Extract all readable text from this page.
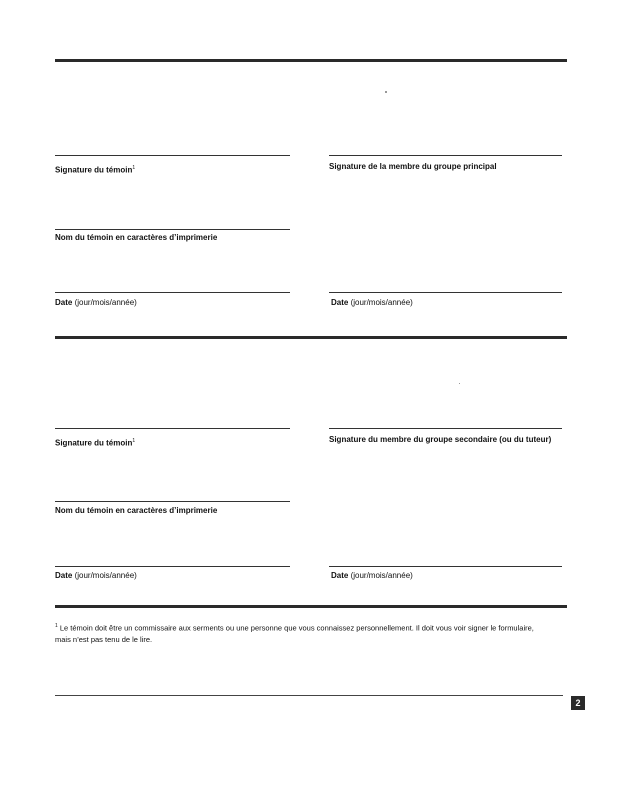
Signature du témoin$^1$	Signature de la membre du groupe principal
Nom du témoin en caractères d’imprimerie
Date (jour/mois/année)	Date (jour/mois/année)
Signature du témoin$^1$	Signature du membre du groupe secondaire (ou du tuteur)
Nom du témoin en caractères d’imprimerie
Date (jour/mois/année)	Date (jour/mois/année)
$^1$ Le témoin doit être un commissaire aux serments ou une personne que vous connaissez personnellement. Il doit vous voir signer le formulaire, mais n’est pas tenu de le lire.
2
